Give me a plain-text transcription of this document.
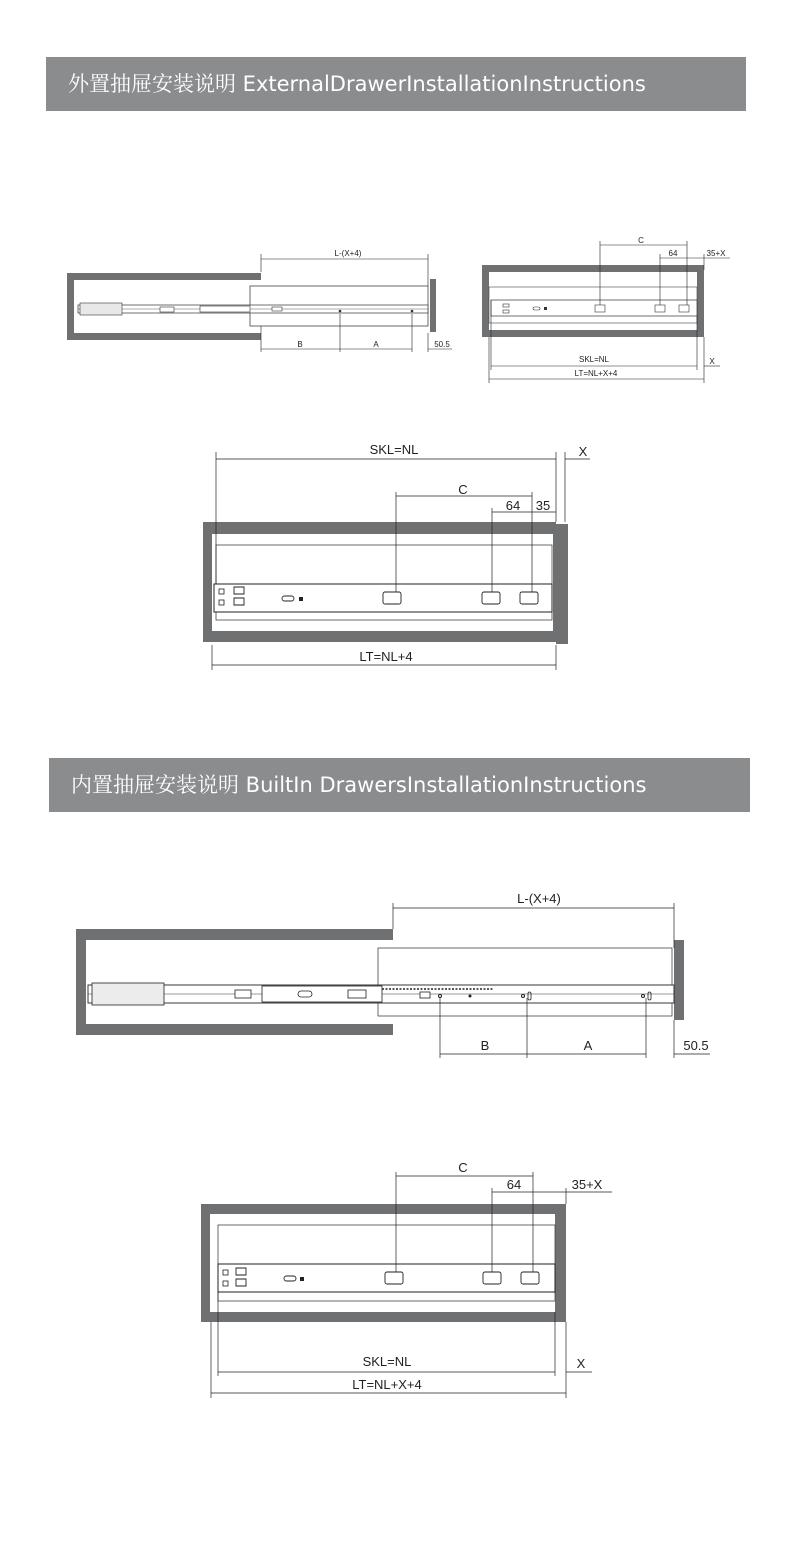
外置抽屉安装说明 ExternalDrawerInstallationInstructions
L-(X+4)
B	A	50.5
C
64	35+X
SKL=NL	X
LT=NL+X+4
SKL=NL	X
C
64 35
LT=NL+4
内置抽屉安装说明 BuiltIn DrawersInstallationInstructions
L-(X+4)
B	A	50.5
C
64	35+X
SKL=NL	X
LT=NL+X+4
